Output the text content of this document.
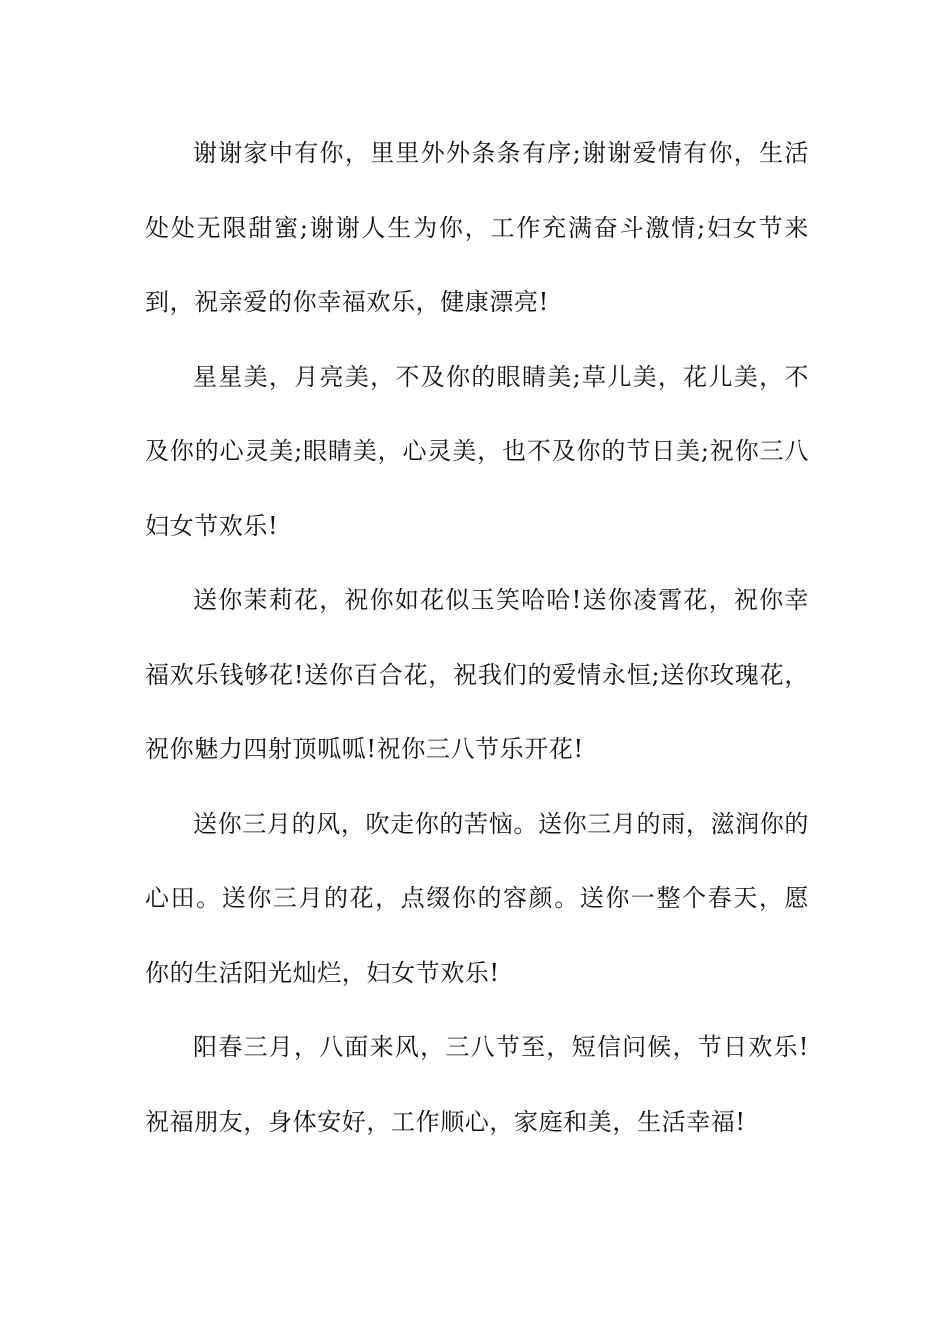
谢谢家中有你，里里外外条条有序;谢谢爱情有你，生活处处无限甜蜜;谢谢人生为你，工作充满奋斗激情;妇女节来到，祝亲爱的你幸福欢乐，健康漂亮!

星星美，月亮美，不及你的眼睛美;草儿美，花儿美，不及你的心灵美;眼睛美，心灵美，也不及你的节日美;祝你三八妇女节欢乐!

送你茉莉花，祝你如花似玉笑哈哈!送你凌霄花，祝你幸福欢乐钱够花!送你百合花，祝我们的爱情永恒;送你玫瑰花，祝你魅力四射顶呱呱!祝你三八节乐开花!

送你三月的风，吹走你的苦恼。送你三月的雨，滋润你的心田。送你三月的花，点缀你的容颜。送你一整个春天，愿你的生活阳光灿烂，妇女节欢乐!

阳春三月，八面来风，三八节至，短信问候，节日欢乐!祝福朋友，身体安好，工作顺心，家庭和美，生活幸福!
